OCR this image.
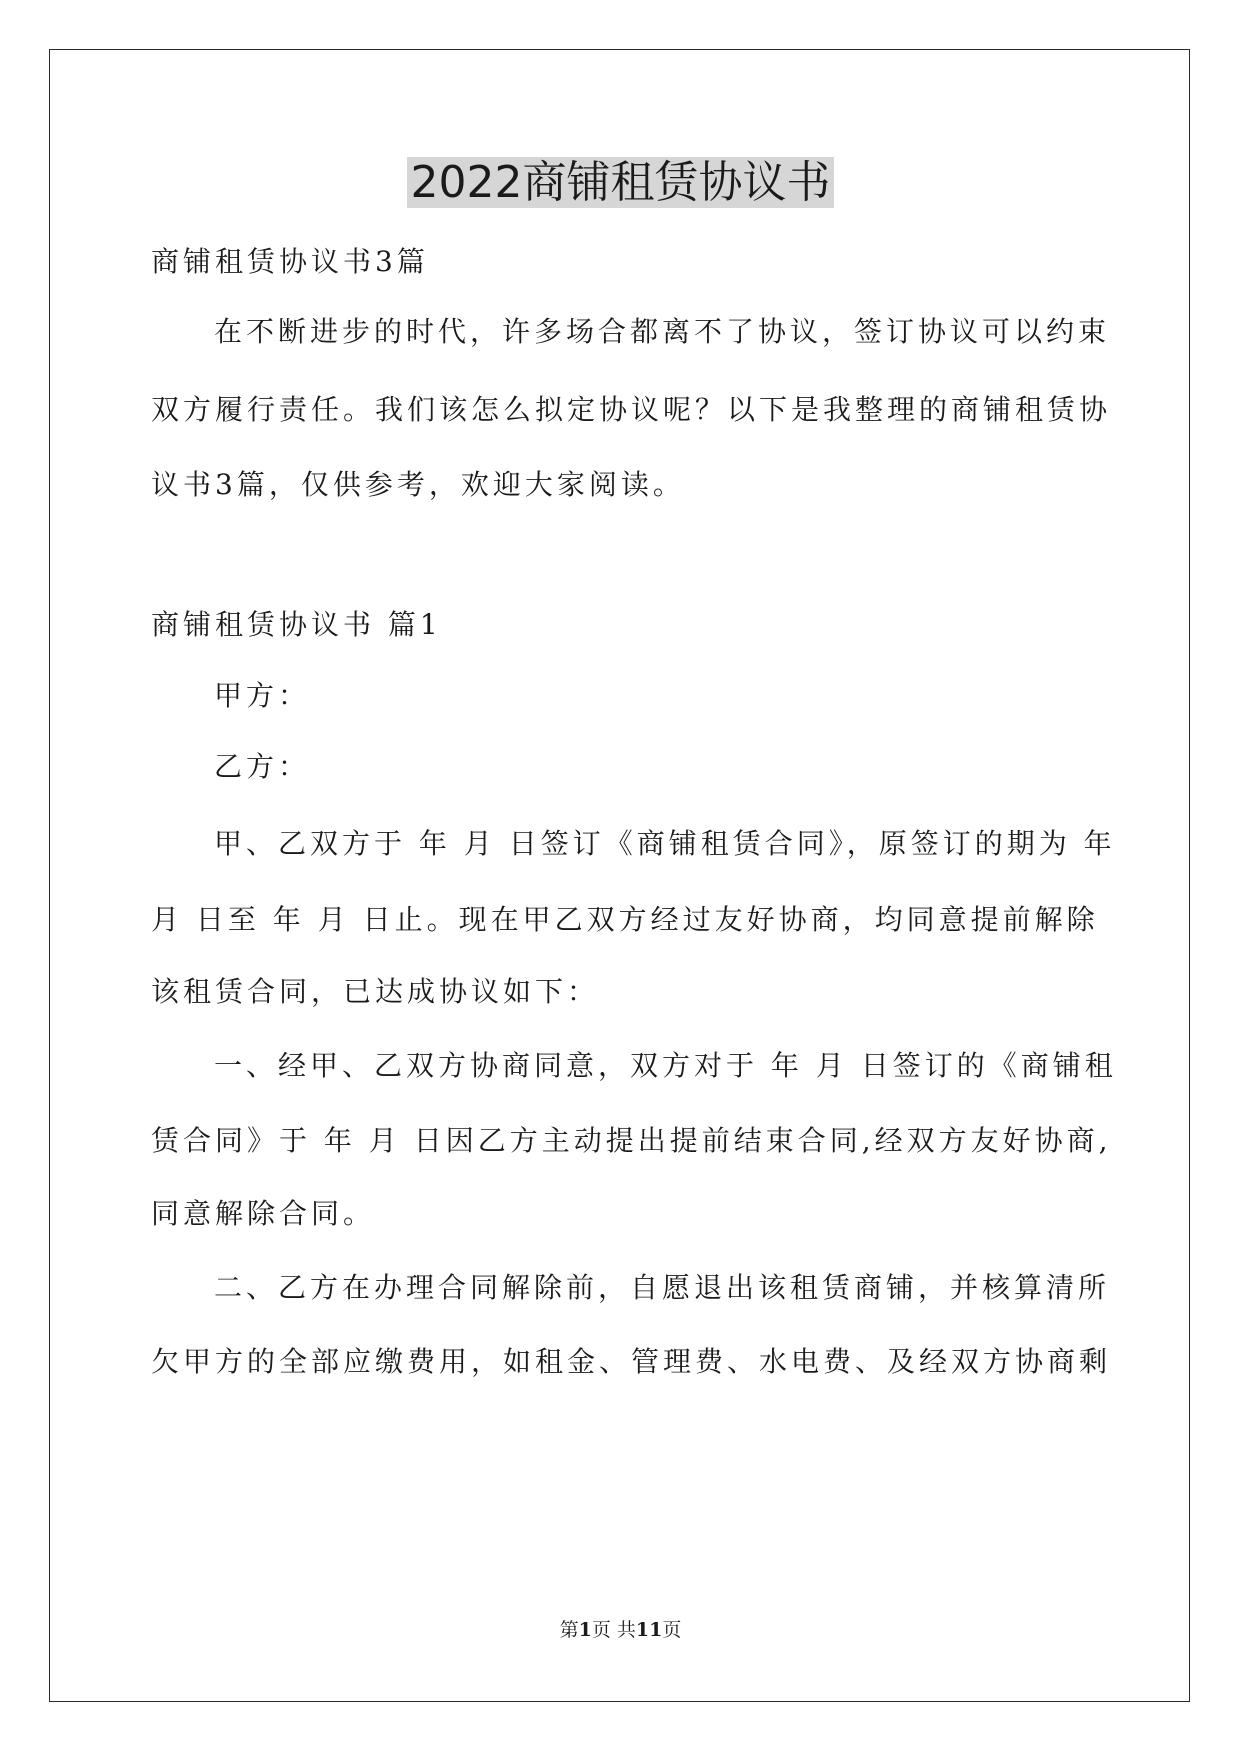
2022商铺租赁协议书
商铺租赁协议书3篇
在不断进步的时代，许多场合都离不了协议，签订协议可以约束
双方履行责任。我们该怎么拟定协议呢？以下是我整理的商铺租赁协
议书3篇，仅供参考，欢迎大家阅读。
商铺租赁协议书 篇1
甲方：
乙方：
甲、乙双方于 年 月 日签订《商铺租赁合同》，原签订的期为 年
月 日至 年 月 日止。现在甲乙双方经过友好协商，均同意提前解除
该租赁合同，已达成协议如下：
一、经甲、乙双方协商同意，双方对于 年 月 日签订的《商铺租
赁合同》于 年 月 日因乙方主动提出提前结束合同,经双方友好协商,
同意解除合同。
二、乙方在办理合同解除前，自愿退出该租赁商铺，并核算清所
欠甲方的全部应缴费用，如租金、管理费、水电费、及经双方协商剩
第1页 共11页
